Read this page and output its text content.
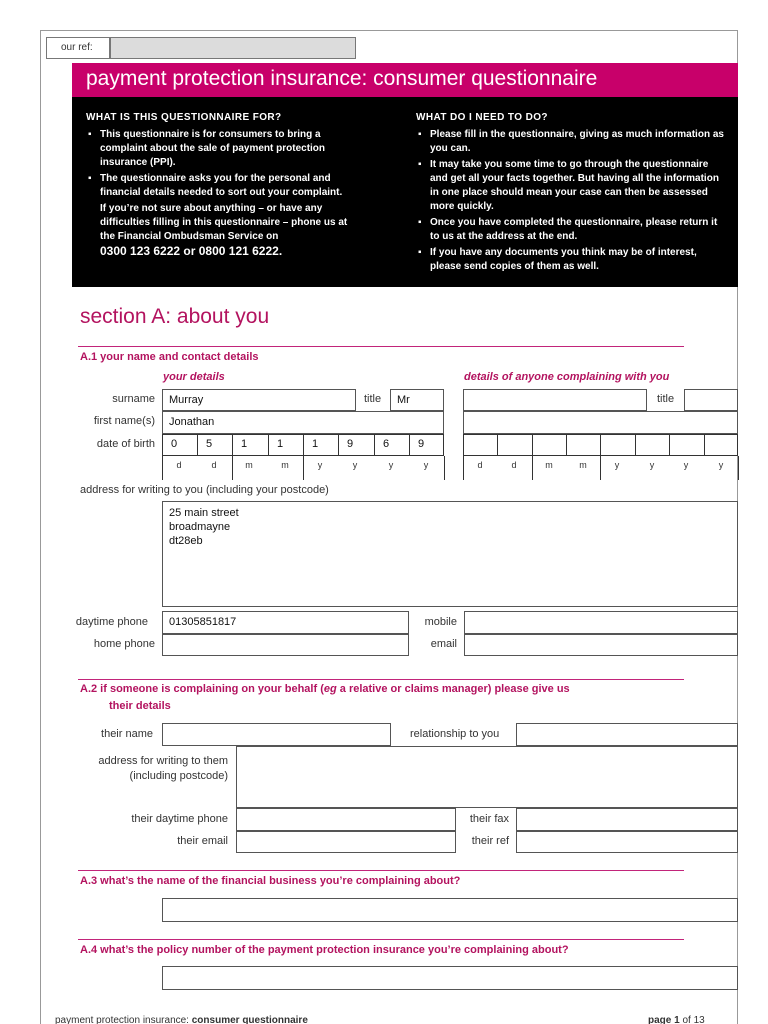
our ref:
payment protection insurance: consumer questionnaire
WHAT IS THIS QUESTIONNAIRE FOR?
▪ This questionnaire is for consumers to bring a complaint about the sale of payment protection insurance (PPI).
▪ The questionnaire asks you for the personal and financial details needed to sort out your complaint.

If you’re not sure about anything – or have any difficulties filling in this questionnaire – phone us at the Financial Ombudsman Service on

0300 123 6222 or 0800 121 6222.

WHAT DO I NEED TO DO?
▪ Please fill in the questionnaire, giving as much information as you can.
▪ It may take you some time to go through the questionnaire and get all your facts together. But having all the information in one place should mean your case can then be assessed more quickly.
▪ Once you have completed the questionnaire, please return it to us at the address at the end.
▪ If you have any documents you think may be of interest, please send copies of them as well.
section A: about you
A.1 your name and contact details
your details	details of anyone complaining with you
surname	Murray	title	Mr	title
first name(s)	Jonathan
date of birth	0	5	1	1	1	9	6	9
d	d	m	m	y	y	y	y	d	d	m	m	y	y	y	y
address for writing to you (including your postcode)
25 main street
broadmayne
dt28eb
daytime phone	01305851817	mobile
home phone	email
A.2 if someone is complaining on your behalf (eg a relative or claims manager) please give us
their details
their name	relationship to you
address for writing to them
(including postcode)
their daytime phone	their fax
their email	their ref
A.3 what’s the name of the financial business you’re complaining about?
A.4 what’s the policy number of the payment protection insurance you’re complaining about?
payment protection insurance: consumer questionnaire	page 1 of 13
